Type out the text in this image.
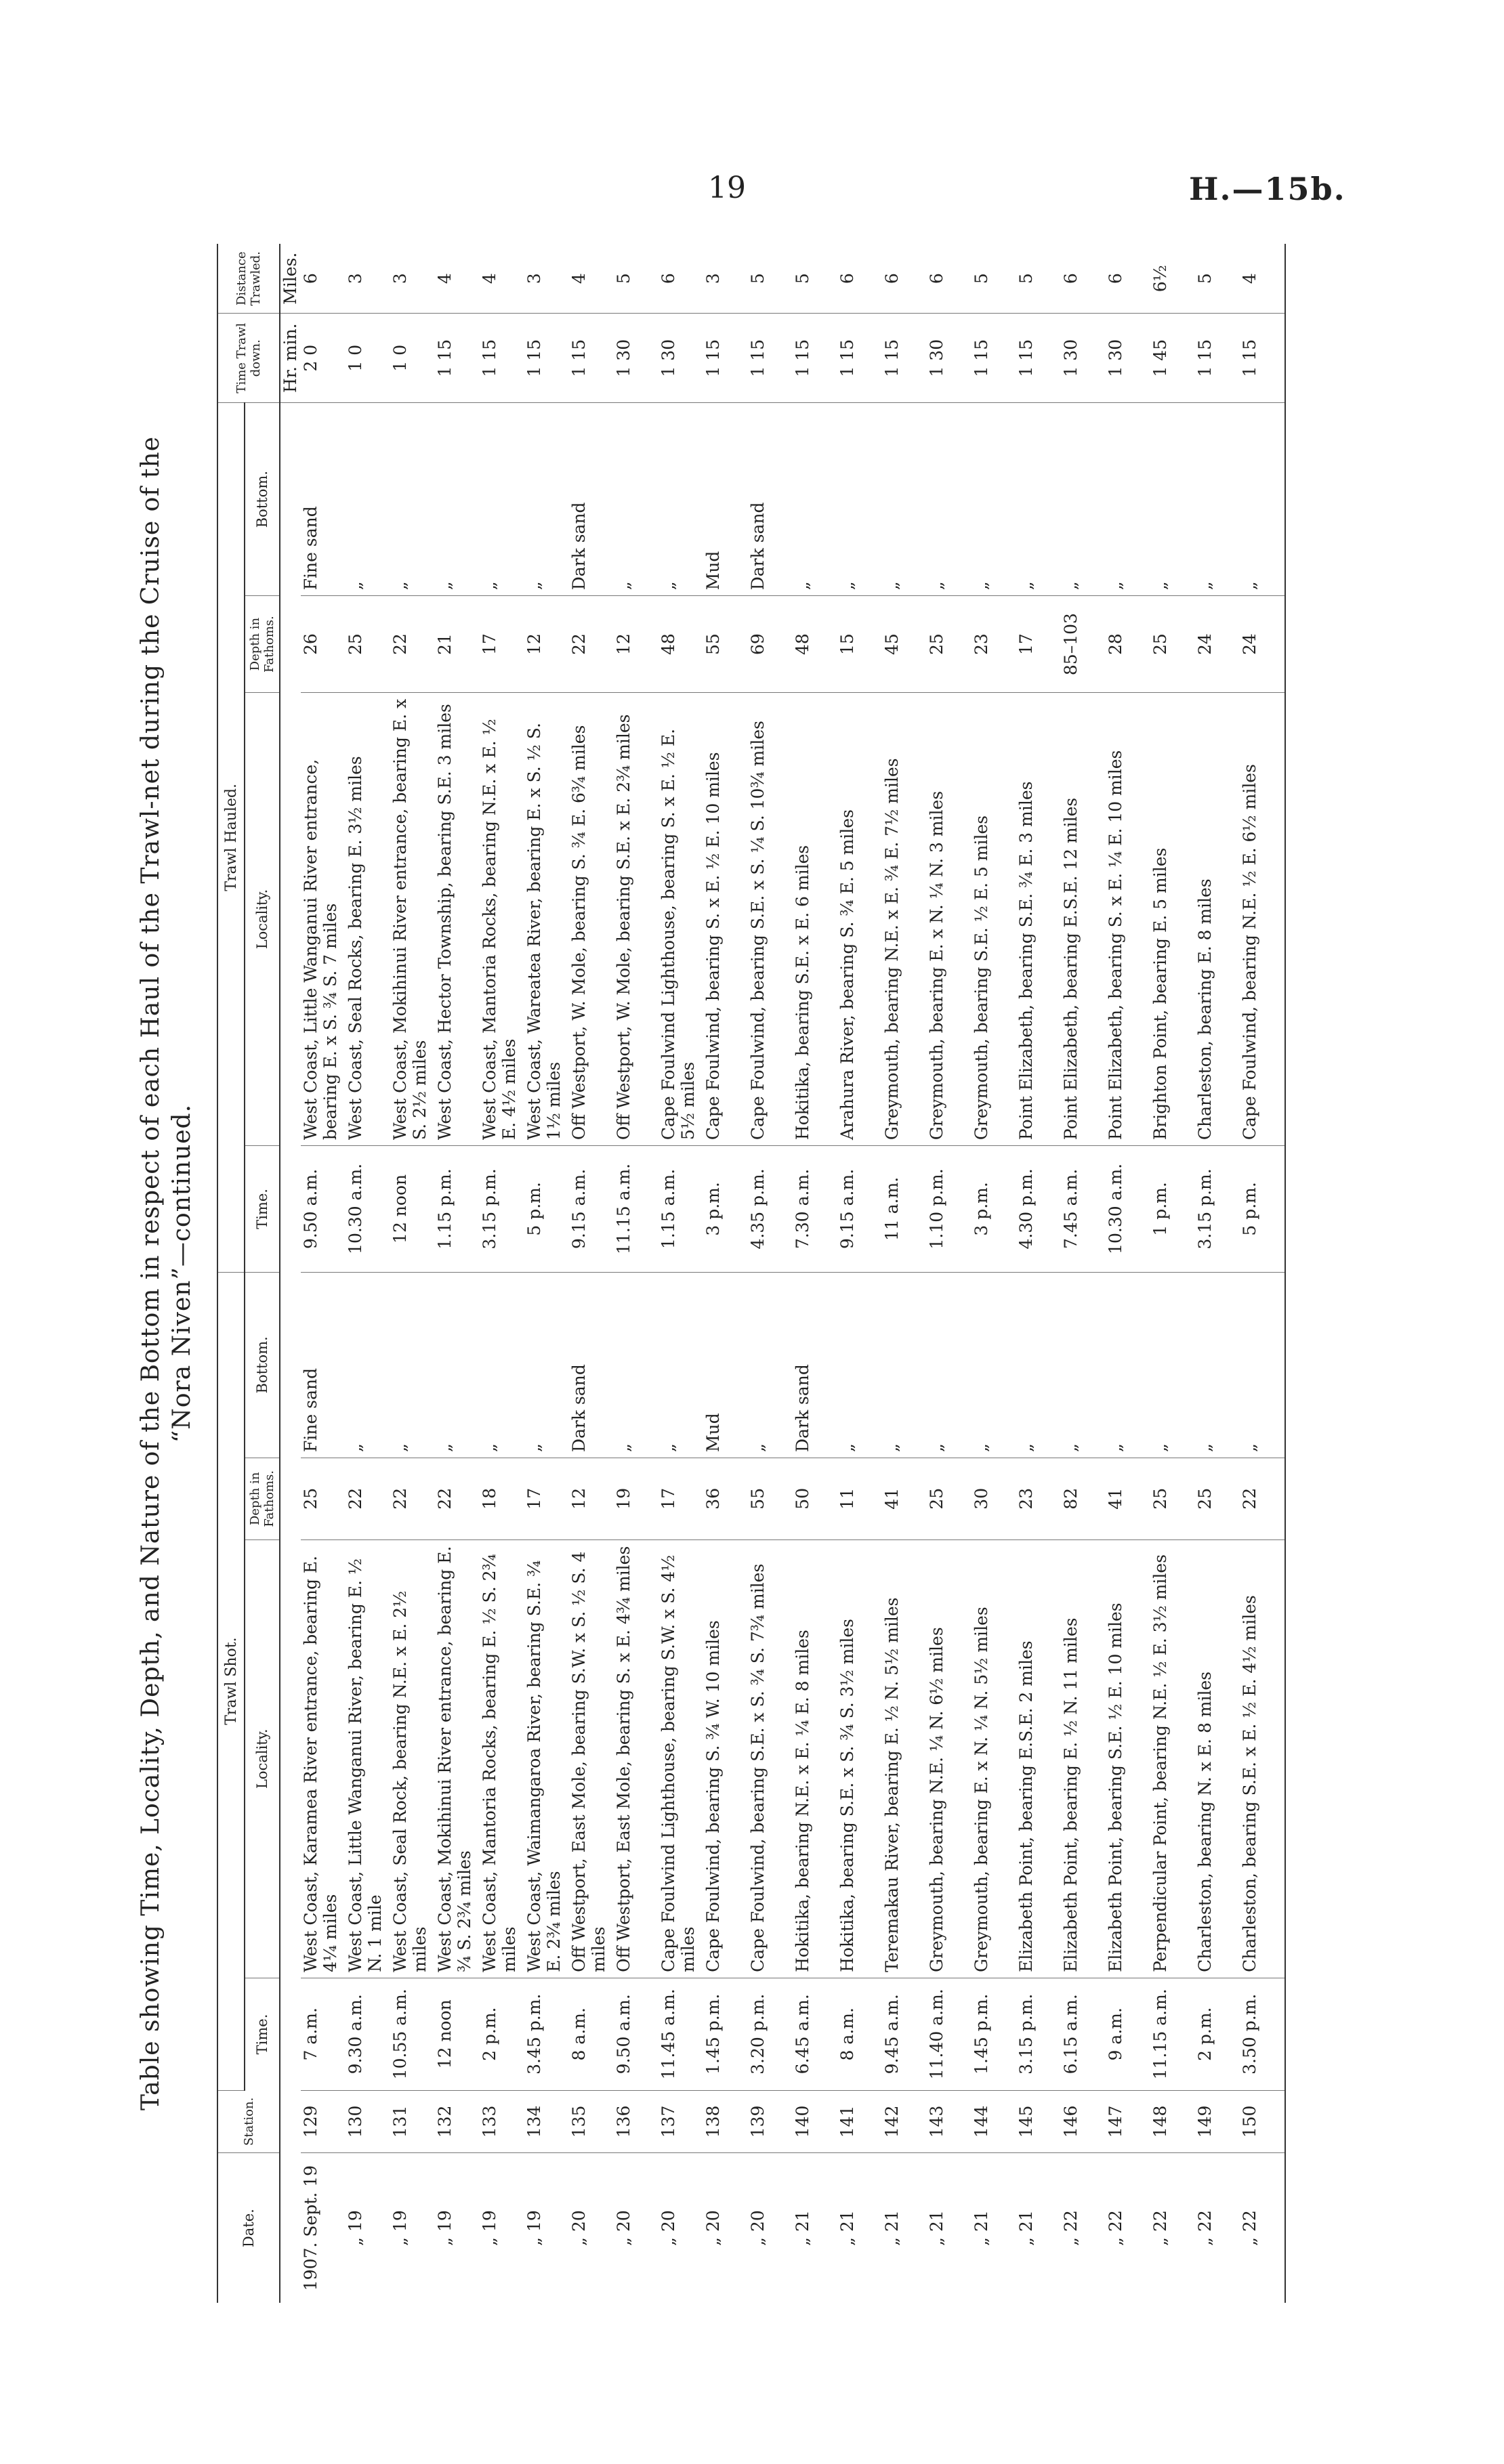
19	H.—15b.

Table showing Time, Locality, Depth, and Nature of the Bottom in respect of each Haul of the Trawl-net during the Cruise of the “Nora Niven”—continued.

Date.	Station.	Trawl Shot.				Trawl Hauled.				Time Trawl down.	Distance Trawled.
		Time.	Locality.	Depth in Fathoms.	Bottom.	Time.	Locality.	Depth in Fathoms.	Bottom.		
										Hr. min.	Miles.
1907. Sept. 19	129	7 a.m.	West Coast, Karamea River entrance, bearing E. 4¼ miles	25	Fine sand	9.50 a.m.	West Coast, Little Wanganui River entrance, bearing E. x S. ¾ S. 7 miles	26	Fine sand	2 0	6
„ 19	130	9.30 a.m.	West Coast, Little Wanganui River, bearing E. ½ N. 1 mile	22	„	10.30 a.m.	West Coast, Seal Rocks, bearing E. 3½ miles	25	„	1 0	3
„ 19	131	10.55 a.m.	West Coast, Seal Rock, bearing N.E. x E. 2½ miles	22	„	12 noon	West Coast, Mokihinui River entrance, bearing E. x S. 2½ miles	22	„	1 0	3
„ 19	132	12 noon	West Coast, Mokihinui River entrance, bearing E. ¾ S. 2¾ miles	22	„	1.15 p.m.	West Coast, Hector Township, bearing S.E. 3 miles	21	„	1 15	4
„ 19	133	2 p.m.	West Coast, Mantoria Rocks, bearing E. ½ S. 2¾ miles	18	„	3.15 p.m.	West Coast, Mantoria Rocks, bearing N.E. x E. ½ E. 4½ miles	17	„	1 15	4
„ 19	134	3.45 p.m.	West Coast, Waimangaroa River, bearing S.E. ¾ E. 2¾ miles	17	„	5 p.m.	West Coast, Wareatea River, bearing E. x S. ½ S. 1½ miles	12	„	1 15	3
„ 20	135	8 a.m.	Off Westport, East Mole, bearing S.W. x S. ½ S. 4 miles	12	Dark sand	9.15 a.m.	Off Westport, W. Mole, bearing S. ¾ E. 6¾ miles	22	Dark sand	1 15	4
„ 20	136	9.50 a.m.	Off Westport, East Mole, bearing S. x E. 4¾ miles	19	„	11.15 a.m.	Off Westport, W. Mole, bearing S.E. x E. 2¾ miles	12	„	1 30	5
„ 20	137	11.45 a.m.	Cape Foulwind Lighthouse, bearing S.W. x S. 4½ miles	17	„	1.15 a.m.	Cape Foulwind Lighthouse, bearing S. x E. ½ E. 5½ miles	48	„	1 30	6
„ 20	138	1.45 p.m.	Cape Foulwind, bearing S. ¾ W. 10 miles	36	Mud	3 p.m.	Cape Foulwind, bearing S. x E. ½ E. 10 miles	55	Mud	1 15	3
„ 20	139	3.20 p.m.	Cape Foulwind, bearing S.E. x S. ¾ S. 7¾ miles	55	„	4.35 p.m.	Cape Foulwind, bearing S.E. x S. ¼ S. 10¾ miles	69	Dark sand	1 15	5
„ 21	140	6.45 a.m.	Hokitika, bearing N.E. x E. ¼ E. 8 miles	50	Dark sand	7.30 a.m.	Hokitika, bearing S.E. x E. 6 miles	48	„	1 15	5
„ 21	141	8 a.m.	Hokitika, bearing S.E. x S. ¾ S. 3½ miles	11	„	9.15 a.m.	Arahura River, bearing S. ¾ E. 5 miles	15	„	1 15	6
„ 21	142	9.45 a.m.	Teremakau River, bearing E. ½ N. 5½ miles	41	„	11 a.m.	Greymouth, bearing N.E. x E. ¾ E. 7½ miles	45	„	1 15	6
„ 21	143	11.40 a.m.	Greymouth, bearing N.E. ¼ N. 6½ miles	25	„	1.10 p.m.	Greymouth, bearing E. x N. ¼ N. 3 miles	25	„	1 30	6
„ 21	144	1.45 p.m.	Greymouth, bearing E. x N. ¼ N. 5½ miles	30	„	3 p.m.	Greymouth, bearing S.E. ½ E. 5 miles	23	„	1 15	5
„ 21	145	3.15 p.m.	Elizabeth Point, bearing E.S.E. 2 miles	23	„	4.30 p.m.	Point Elizabeth, bearing S.E. ¾ E. 3 miles	17	„	1 15	5
„ 22	146	6.15 a.m.	Elizabeth Point, bearing E. ½ N. 11 miles	82	„	7.45 a.m.	Point Elizabeth, bearing E.S.E. 12 miles	85–103	„	1 30	6
„ 22	147	9 a.m.	Elizabeth Point, bearing S.E. ½ E. 10 miles	41	„	10.30 a.m.	Point Elizabeth, bearing S. x E. ¼ E. 10 miles	28	„	1 30	6
„ 22	148	11.15 a.m.	Perpendicular Point, bearing N.E. ½ E. 3½ miles	25	„	1 p.m.	Brighton Point, bearing E. 5 miles	25	„	1 45	6½
„ 22	149	2 p.m.	Charleston, bearing N. x E. 8 miles	25	„	3.15 p.m.	Charleston, bearing E. 8 miles	24	„	1 15	5
„ 22	150	3.50 p.m.	Charleston, bearing S.E. x E. ½ E. 4½ miles	22	„	5 p.m.	Cape Foulwind, bearing N.E. ½ E. 6½ miles	24	„	1 15	4
